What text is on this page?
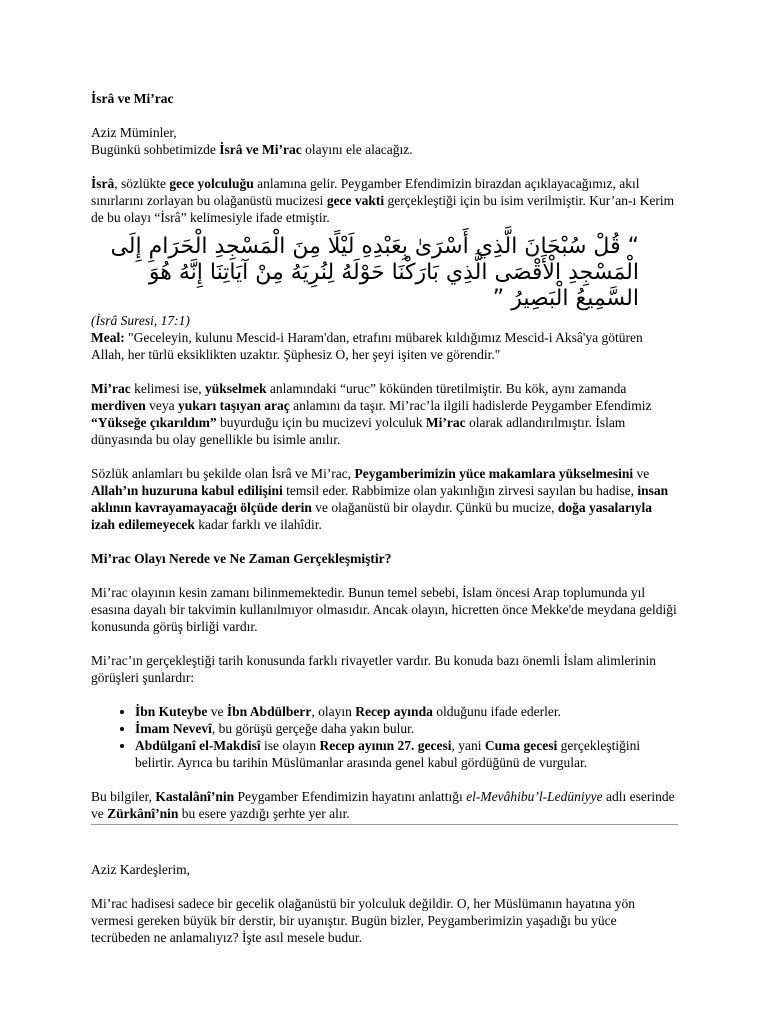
İsrâ ve Mi’rac

Aziz Müminler,

Bugünkü sohbetimizde İsrâ ve Mi’rac olayını ele alacağız.

İsrâ, sözlükte gece yolculuğu anlamına gelir. Peygamber Efendimizin birazdan açıklayacağımız, akıl sınırlarını zorlayan bu olağanüstü mucizesi gece vakti gerçekleştiği için bu isim verilmiştir. Kur’an-ı Kerim de bu olayı “İsrâ” kelimesiyle ifade etmiştir.

“ قُلْ سُبْحَانَ الَّذِي أَسْرَىٰ بِعَبْدِهِ لَيْلًا مِنَ الْمَسْجِدِ الْحَرَامِ إِلَى الْمَسْجِدِ الْأَقْصَى الَّذِي بَارَكْنَا حَوْلَهُ لِنُرِيَهُ مِنْ آيَاتِنَا إِنَّهُ هُوَ السَّمِيعُ الْبَصِيرُ ”

(İsrâ Suresi, 17:1)

Meal: "Geceleyin, kulunu Mescid-i Haram'dan, etrafını mübarek kıldığımız Mescid-i Aksâ'ya götüren Allah, her türlü eksiklikten uzaktır. Şüphesiz O, her şeyi işiten ve görendir."

Mi’rac kelimesi ise, yükselmek anlamındaki “uruc” kökünden türetilmiştir. Bu kök, aynı zamanda merdiven veya yukarı taşıyan araç anlamını da taşır. Mi’rac’la ilgili hadislerde Peygamber Efendimiz “Yükseğe çıkarıldım” buyurduğu için bu mucizevi yolculuk Mi’rac olarak adlandırılmıştır. İslam dünyasında bu olay genellikle bu isimle anılır.

Sözlük anlamları bu şekilde olan İsrâ ve Mi’rac, Peygamberimizin yüce makamlara yükselmesini ve Allah’ın huzuruna kabul edilişini temsil eder. Rabbimize olan yakınlığın zirvesi sayılan bu hadise, insan aklının kavrayamayacağı ölçüde derin ve olağanüstü bir olaydır. Çünkü bu mucize, doğa yasalarıyla izah edilemeyecek kadar farklı ve ilahîdir.

Mi’rac Olayı Nerede ve Ne Zaman Gerçekleşmiştir?

Mi’rac olayının kesin zamanı bilinmemektedir. Bunun temel sebebi, İslam öncesi Arap toplumunda yıl esasına dayalı bir takvimin kullanılmıyor olmasıdır. Ancak olayın, hicretten önce Mekke'de meydana geldiği konusunda görüş birliği vardır.

Mi’rac’ın gerçekleştiği tarih konusunda farklı rivayetler vardır. Bu konuda bazı önemli İslam alimlerinin görüşleri şunlardır:

• İbn Kuteybe ve İbn Abdülberr, olayın Recep ayında olduğunu ifade ederler.
• İmam Nevevî, bu görüşü gerçeğe daha yakın bulur.
• Abdülganî el-Makdisî ise olayın Recep ayının 27. gecesi, yani Cuma gecesi gerçekleştiğini belirtir. Ayrıca bu tarihin Müslümanlar arasında genel kabul gördüğünü de vurgular.

Bu bilgiler, Kastalânî’nin Peygamber Efendimizin hayatını anlattığı el-Mevâhibu’l-Ledüniyye adlı eserinde ve Zürkânî’nin bu esere yazdığı şerhte yer alır.

Aziz Kardeşlerim,

Mi’rac hadisesi sadece bir gecelik olağanüstü bir yolculuk değildir. O, her Müslümanın hayatına yön vermesi gereken büyük bir derstir, bir uyanıştır. Bugün bizler, Peygamberimizin yaşadığı bu yüce tecrübeden ne anlamalıyız? İşte asıl mesele budur.
